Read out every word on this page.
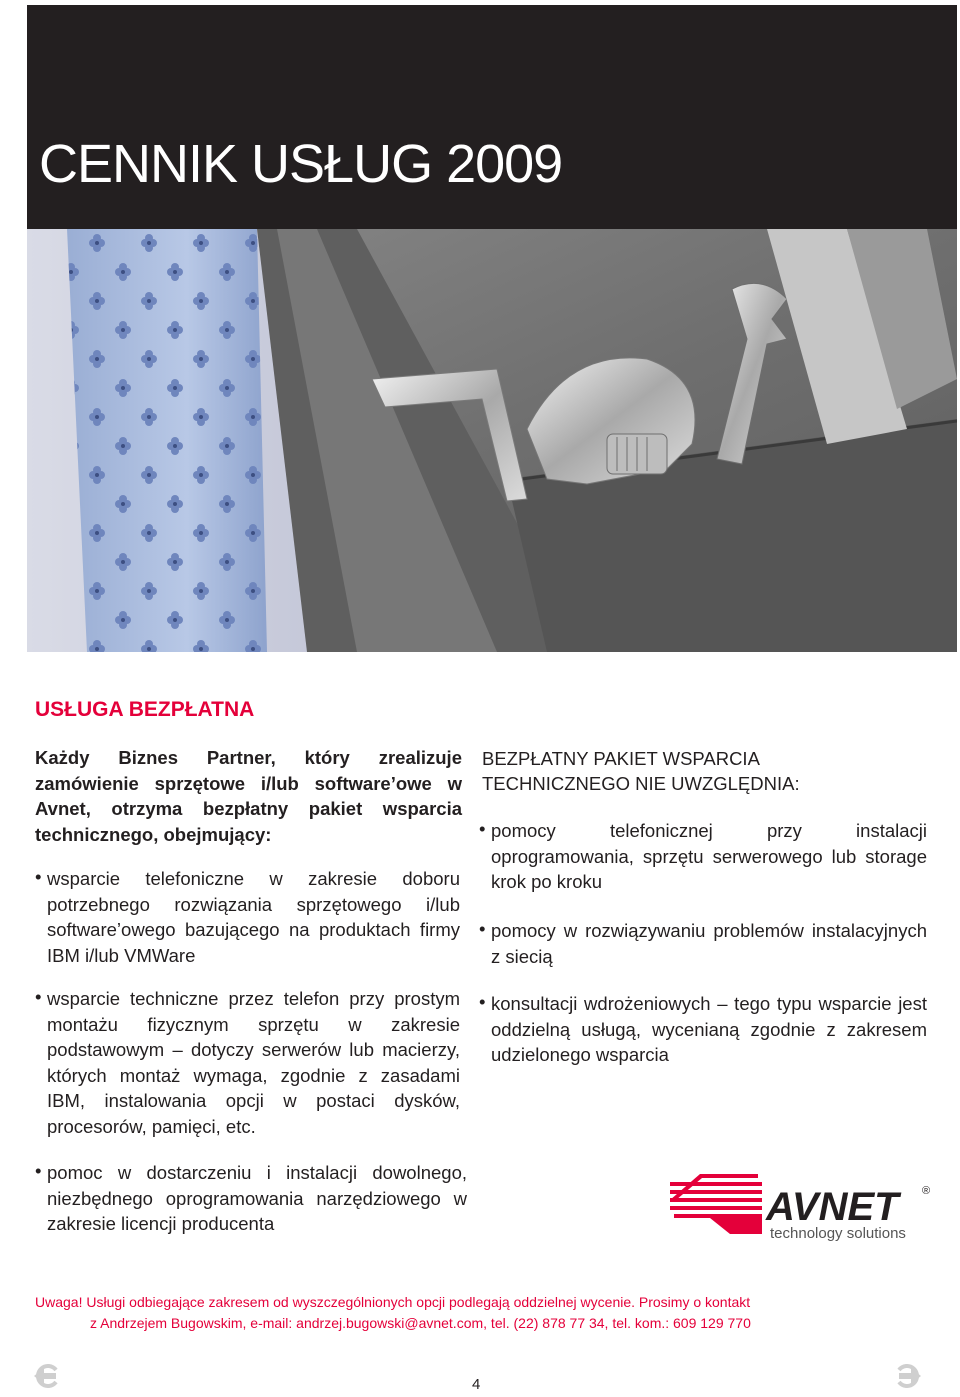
CENNIK USŁUG 2009
USŁUGA BEZPŁATNA

Każdy Biznes Partner, który zrealizuje zamówienie sprzętowe i/lub software’owe w Avnet, otrzyma bezpłatny pakiet wsparcia technicznego, obejmujący:

• wsparcie telefoniczne w zakresie doboru potrzebnego rozwiązania sprzętowego i/lub software’owego bazującego na produktach firmy IBM i/lub VMWare
• wsparcie techniczne przez telefon przy prostym montażu fizycznym sprzętu w zakresie podstawowym – dotyczy serwerów lub macierzy, których montaż wymaga, zgodnie z zasadami IBM, instalowania opcji w postaci dysków, procesorów, pamięci, etc.
• pomoc w dostarczeniu i instalacji dowolnego, niezbędnego oprogramowania narzędziowego w zakresie licencji producenta
BEZPŁATNY PAKIET WSPARCIA
TECHNICZNEGO NIE UWZGLĘDNIA:
• pomocy telefonicznej przy instalacji oprogramowania, sprzętu serwerowego lub storage krok po kroku
• pomocy w rozwiązywaniu problemów instalacyjnych z siecią
• konsultacji wdrożeniowych – tego typu wsparcie jest oddzielną usługą, wycenianą zgodnie z zakresem udzielonego wsparcia
AVNET	®
technology solutions
Uwaga! Usługi odbiegające zakresem od wyszczególnionych opcji podlegają oddzielnej wycenie. Prosimy o kontakt
z Andrzejem Bugowskim, e-mail: andrzej.bugowski@avnet.com, tel. (22) 878 77 34, tel. kom.: 609 129 770
4
